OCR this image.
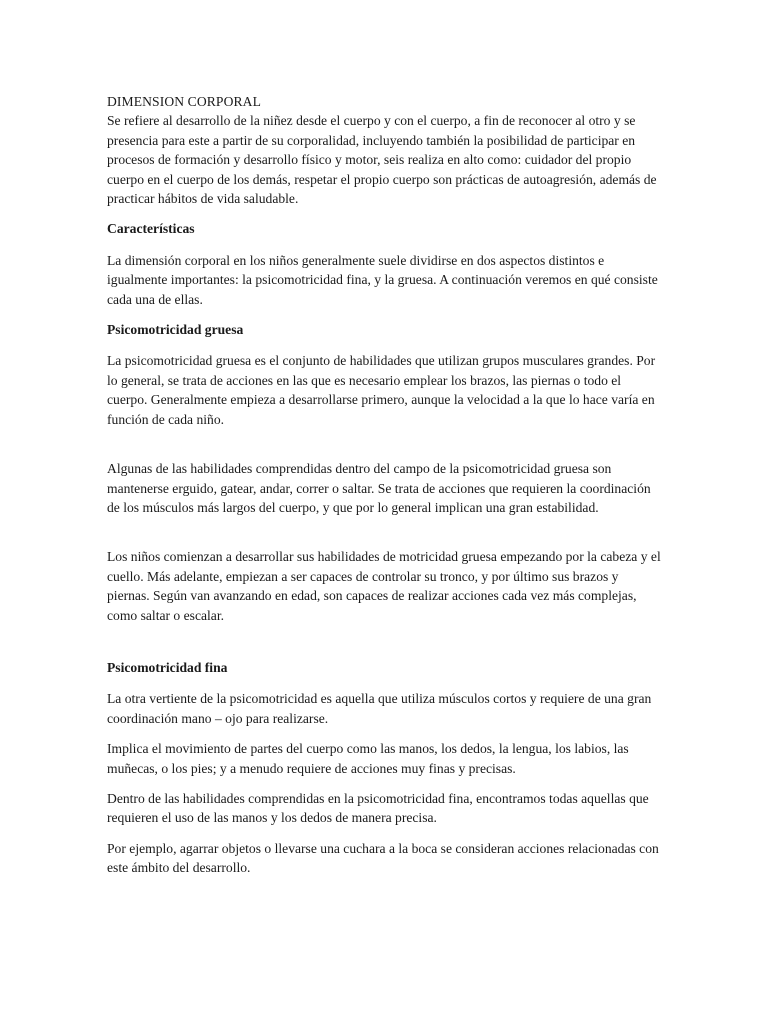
DIMENSION CORPORAL

Se refiere al desarrollo de la niñez desde el cuerpo y con el cuerpo, a fin de reconocer al otro y se presencia para este a partir de su corporalidad, incluyendo también la posibilidad de participar en procesos de formación y desarrollo físico y motor, seis realiza en alto como: cuidador del propio cuerpo en el cuerpo de los demás, respetar el propio cuerpo son prácticas de autoagresión, además de practicar hábitos de vida saludable.

Características

La dimensión corporal en los niños generalmente suele dividirse en dos aspectos distintos e igualmente importantes: la psicomotricidad fina, y la gruesa. A continuación veremos en qué consiste cada una de ellas.

Psicomotricidad gruesa

La psicomotricidad gruesa es el conjunto de habilidades que utilizan grupos musculares grandes. Por lo general, se trata de acciones en las que es necesario emplear los brazos, las piernas o todo el cuerpo. Generalmente empieza a desarrollarse primero, aunque la velocidad a la que lo hace varía en función de cada niño.

Algunas de las habilidades comprendidas dentro del campo de la psicomotricidad gruesa son mantenerse erguido, gatear, andar, correr o saltar. Se trata de acciones que requieren la coordinación de los músculos más largos del cuerpo, y que por lo general implican una gran estabilidad.

Los niños comienzan a desarrollar sus habilidades de motricidad gruesa empezando por la cabeza y el cuello. Más adelante, empiezan a ser capaces de controlar su tronco, y por último sus brazos y piernas. Según van avanzando en edad, son capaces de realizar acciones cada vez más complejas, como saltar o escalar.

Psicomotricidad fina

La otra vertiente de la psicomotricidad es aquella que utiliza músculos cortos y requiere de una gran coordinación mano – ojo para realizarse.

Implica el movimiento de partes del cuerpo como las manos, los dedos, la lengua, los labios, las muñecas, o los pies; y a menudo requiere de acciones muy finas y precisas.

Dentro de las habilidades comprendidas en la psicomotricidad fina, encontramos todas aquellas que requieren el uso de las manos y los dedos de manera precisa.

Por ejemplo, agarrar objetos o llevarse una cuchara a la boca se consideran acciones relacionadas con este ámbito del desarrollo.
